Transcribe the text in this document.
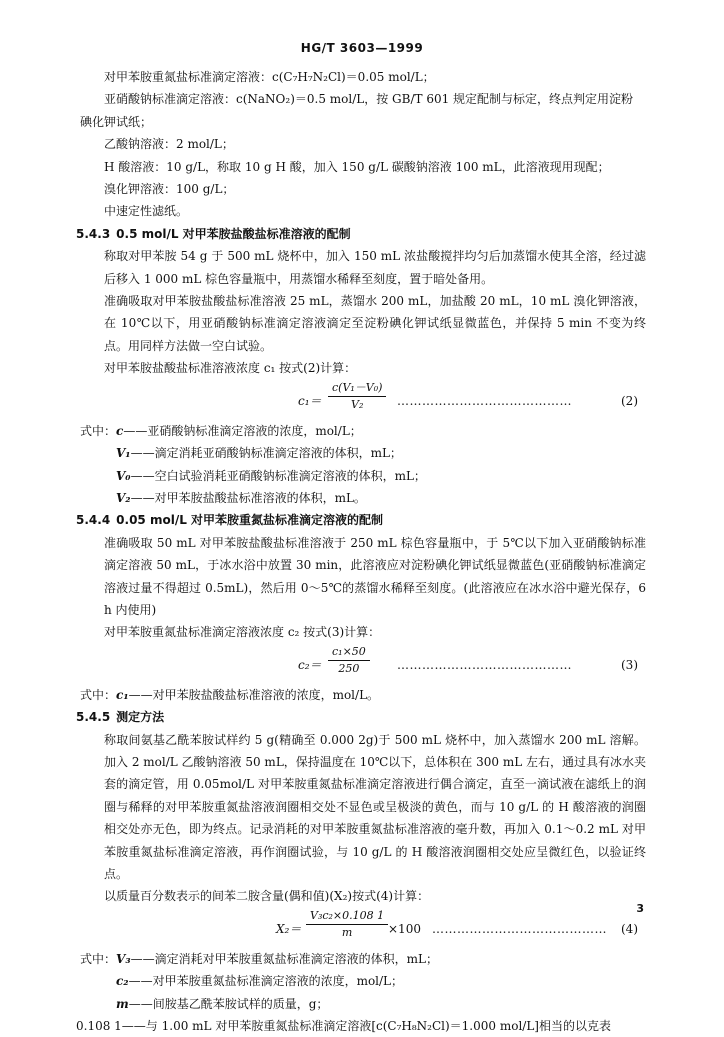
HG/T 3603—1999

对甲苯胺重氮盐标准滴定溶液：c(C₇H₇N₂Cl)＝0.05 mol/L；

亚硝酸钠标准滴定溶液：c(NaNO₂)＝0.5 mol/L，按 GB/T 601 规定配制与标定，终点判定用淀粉

碘化钾试纸；

乙酸钠溶液：2 mol/L；

H 酸溶液：10 g/L，称取 10 g H 酸，加入 150 g/L 碳酸钠溶液 100 mL，此溶液现用现配；

溴化钾溶液：100 g/L；

中速定性滤纸。

5.4.3 0.5 mol/L 对甲苯胺盐酸盐标准溶液的配制

称取对甲苯胺 54 g 于 500 mL 烧杯中，加入 150 mL 浓盐酸搅拌均匀后加蒸馏水使其全溶，经过滤后移入 1 000 mL 棕色容量瓶中，用蒸馏水稀释至刻度，置于暗处备用。

准确吸取对甲苯胺盐酸盐标准溶液 25 mL，蒸馏水 200 mL，加盐酸 20 mL，10 mL 溴化钾溶液，在 10℃以下，用亚硝酸钠标准滴定溶液滴定至淀粉碘化钾试纸显微蓝色，并保持 5 min 不变为终点。用同样方法做一空白试验。

对甲苯胺盐酸盐标准溶液浓度 c₁ 按式(2)计算：

$c_1= \frac{\text{c(V₁－V₀)}}{\text{V₂}}$ ……………………………………	(2)

式中：c——亚硝酸钠标准滴定溶液的浓度，mol/L；

V₁——滴定消耗亚硝酸钠标准滴定溶液的体积，mL；

V₀——空白试验消耗亚硝酸钠标准滴定溶液的体积，mL；

V₂——对甲苯胺盐酸盐标准溶液的体积，mL。

5.4.4 0.05 mol/L 对甲苯胺重氮盐标准滴定溶液的配制

准确吸取 50 mL 对甲苯胺盐酸盐标准溶液于 250 mL 棕色容量瓶中，于 5℃以下加入亚硝酸钠标准滴定溶液 50 mL，于冰水浴中放置 30 min，此溶液应对淀粉碘化钾试纸显微蓝色(亚硝酸钠标准滴定溶液过量不得超过 0.5mL)，然后用 0～5℃的蒸馏水稀释至刻度。(此溶液应在冰水浴中避光保存，6 h 内使用)

对甲苯胺重氮盐标准滴定溶液浓度 c₂ 按式(3)计算：

$c_2= \frac{\text{c₁×50}}{250}$ ……………………………………	(3)

式中：c₁——对甲苯胺盐酸盐标准溶液的浓度，mol/L。

5.4.5 测定方法

称取间氨基乙酰苯胺试样约 5 g(精确至 0.000 2g)于 500 mL 烧杯中，加入蒸馏水 200 mL 溶解。加入 2 mol/L 乙酸钠溶液 50 mL，保持温度在 10℃以下，总体积在 300 mL 左右，通过具有冰水夹套的滴定管，用 0.05mol/L 对甲苯胺重氮盐标准滴定溶液进行偶合滴定，直至一滴试液在滤纸上的润圈与稀释的对甲苯胺重氮盐溶液润圈相交处不显色或呈极淡的黄色，而与 10 g/L 的 H 酸溶液的润圈相交处亦无色，即为终点。记录消耗的对甲苯胺重氮盐标准溶液的毫升数，再加入 0.1～0.2 mL 对甲苯胺重氮盐标准滴定溶液，再作润圈试验，与 10 g/L 的 H 酸溶液润圈相交处应呈微红色，以验证终点。

以质量百分数表示的间苯二胺含量(偶和值)(X₂)按式(4)计算：

$X_2= \frac{\text{V₃c₂×0.108 1}}{m} \times 100$ …………………………………… (4)

式中：V₃——滴定消耗对甲苯胺重氮盐标准滴定溶液的体积，mL；

c₂——对甲苯胺重氮盐标准滴定溶液的浓度，mol/L；

m——间胺基乙酰苯胺试样的质量，g；

0.108 1——与 1.00 mL 对甲苯胺重氮盐标准滴定溶液[c(C₇H₈N₂Cl)＝1.000 mol/L]相当的以克表

3
